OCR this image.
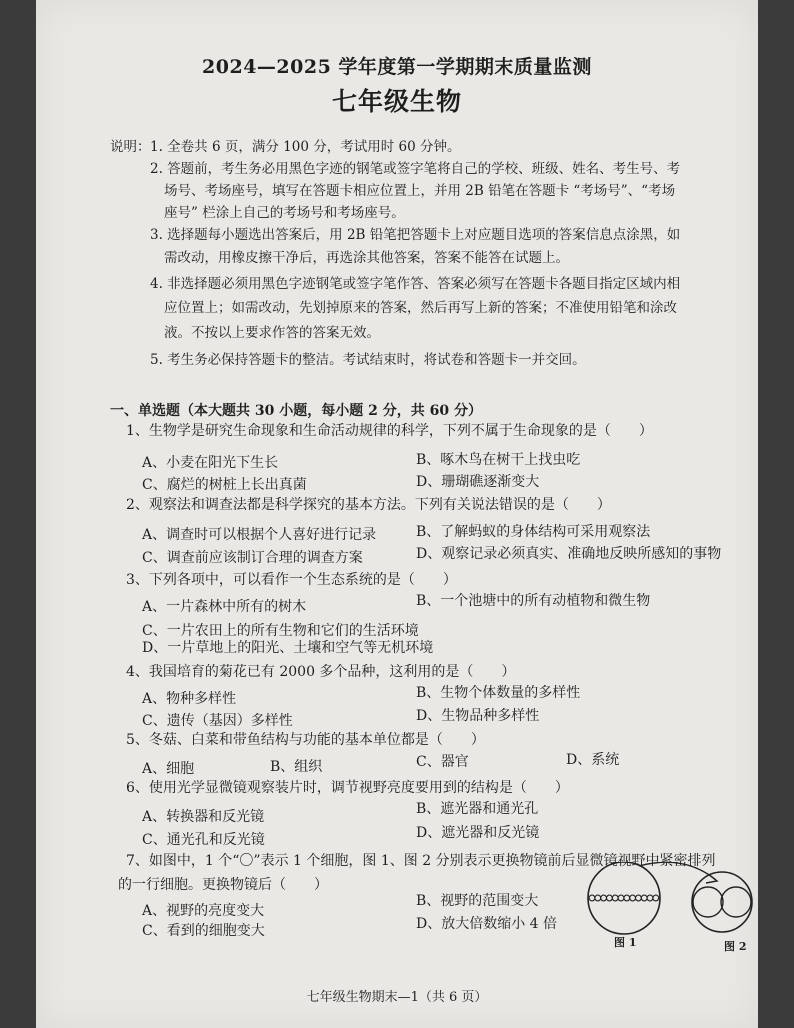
2024—2025 学年度第一学期期末质量监测
七年级生物
说明： 1. 全卷共 6 页，满分 100 分，考试用时 60 分钟。
2. 答题前，考生务必用黑色字迹的钢笔或签字笔将自己的学校、班级、姓名、考生号、考
场号、考场座号，填写在答题卡相应位置上，并用 2B 铅笔在答题卡 “考场号”、“考场
座号” 栏涂上自己的考场号和考场座号。
3. 选择题每小题选出答案后，用 2B 铅笔把答题卡上对应题目选项的答案信息点涂黑，如
需改动，用橡皮擦干净后，再选涂其他答案，答案不能答在试题上。
4. 非选择题必须用黑色字迹钢笔或签字笔作答、答案必须写在答题卡各题目指定区域内相
应位置上；如需改动，先划掉原来的答案，然后再写上新的答案；不准使用铅笔和涂改
液。不按以上要求作答的答案无效。
5. 考生务必保持答题卡的整洁。考试结束时，将试卷和答题卡一并交回。
一、单选题（本大题共 30 小题，每小题 2 分，共 60 分）
1、生物学是研究生命现象和生命活动规律的科学，下列不属于生命现象的是（　　）
A、小麦在阳光下生长	B、啄木鸟在树干上找虫吃
C、腐烂的树桩上长出真菌	D、珊瑚礁逐渐变大
2、观察法和调查法都是科学探究的基本方法。下列有关说法错误的是（　　）
A、调查时可以根据个人喜好进行记录	B、了解蚂蚁的身体结构可采用观察法
C、调查前应该制订合理的调查方案	D、观察记录必须真实、准确地反映所感知的事物
3、下列各项中，可以看作一个生态系统的是（　　）
A、一片森林中所有的树木	B、一个池塘中的所有动植物和微生物
C、一片农田上的所有生物和它们的生活环境
D、一片草地上的阳光、土壤和空气等无机环境
4、我国培育的菊花已有 2000 多个品种，这利用的是（　　）
A、物种多样性	B、生物个体数量的多样性
C、遗传（基因）多样性	D、生物品种多样性
5、冬菇、白菜和带鱼结构与功能的基本单位都是（　　）
A、细胞	B、组织	C、器官	D、系统
6、使用光学显微镜观察装片时，调节视野亮度要用到的结构是（　　）
A、转换器和反光镜	B、遮光器和通光孔
C、通光孔和反光镜	D、遮光器和反光镜
7、如图中，1 个“〇”表示 1 个细胞，图 1、图 2 分别表示更换物镜前后显微镜视野中紧密排列
的一行细胞。更换物镜后（　　）
A、视野的亮度变大
B、视野的范围变大
C、看到的细胞变大	D、放大倍数缩小 4 倍
图 1	图 2
七年级生物期末—1（共 6 页）
